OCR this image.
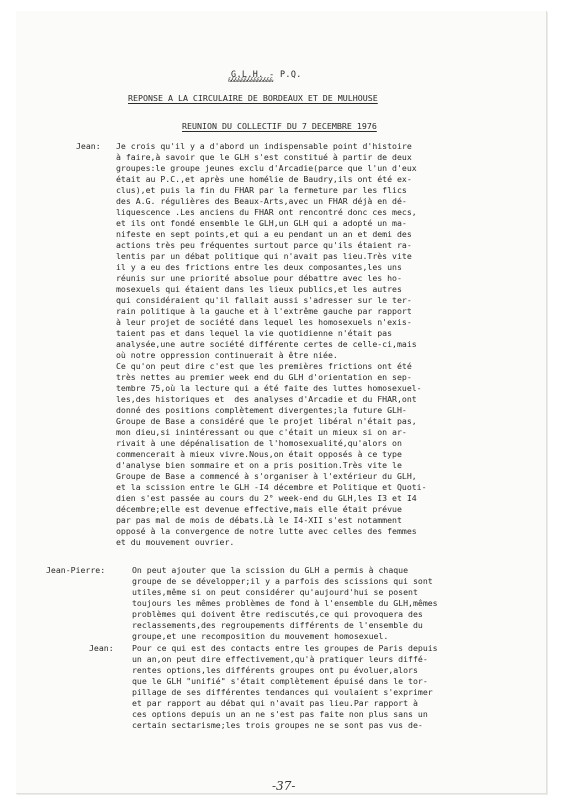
G.L.H. - P.Q.
&&&&&&&&&&&&&&
REPONSE A LA CIRCULAIRE DE BORDEAUX ET DE MULHOUSE
REUNION DU COLLECTIF DU 7 DECEMBRE 1976
Jean: Je crois qu'il y a d'abord un indispensable point d'histoire
à faire,à savoir que le GLH s'est constitué à partir de deux
groupes:le groupe jeunes exclu d'Arcadie(parce que l'un d'eux
était au P.C.,et après une homélie de Baudry,ils ont été ex-
clus),et puis la fin du FHAR par la fermeture par les flics
des A.G. régulières des Beaux-Arts,avec un FHAR déjà en dé-
liquescence .Les anciens du FHAR ont rencontré donc ces mecs,
et ils ont fondé ensemble le GLH,un GLH qui a adopté un ma-
nifeste en sept points,et qui a eu pendant un an et demi des
actions très peu fréquentes surtout parce qu'ils étaient ra-
lentis par un débat politique qui n'avait pas lieu.Très vite
il y a eu des frictions entre les deux composantes,les uns
réunis sur une priorité absolue pour débattre avec les ho-
mosexuels qui étaient dans les lieux publics,et les autres
qui considéraient qu'il fallait aussi s'adresser sur le ter-
rain politique à la gauche et à l'extrême gauche par rapport
à leur projet de société dans lequel les homosexuels n'exis-
taient pas et dans lequel la vie quotidienne n'était pas
analysée,une autre société différente certes de celle-ci,mais
où notre oppression continuerait à être niée.
Ce qu'on peut dire c'est que les premières frictions ont été
très nettes au premier week end du GLH d'orientation en sep-
tembre 75,où la lecture qui a été faite des luttes homosexuel-
les,des historiques et  des analyses d'Arcadie et du FHAR,ont
donné des positions complètement divergentes;la future GLH-
Groupe de Base a considéré que le projet libéral n'était pas,
mon dieu,si inintéressant ou que c'était un mieux si on ar-
rivait à une dépénalisation de l'homosexualité,qu'alors on
commencerait à mieux vivre.Nous,on était opposés à ce type
d'analyse bien sommaire et on a pris position.Très vite le
Groupe de Base a commencé à s'organiser à l'extérieur du GLH,
et la scission entre le GLH -I4 décembre et Politique et Quoti-
dien s'est passée au cours du 2° week-end du GLH,les I3 et I4
décembre;elle est devenue effective,mais elle était prévue
par pas mal de mois de débats.Là le I4-XII s'est notamment
opposé à la convergence de notre lutte avec celles des femmes
et du mouvement ouvrier.
Jean-Pierre:	On peut ajouter que la scission du GLH a permis à chaque
groupe de se développer;il y a parfois des scissions qui sont
utiles,même si on peut considérer qu'aujourd'hui se posent
toujours les mêmes problèmes de fond à l'ensemble du GLH,mêmes
problèmes qui doivent être rediscutés,ce qui provoquera des
reclassements,des regroupements différents de l'ensemble du
groupe,et une recomposition du mouvement homosexuel.
Jean: Pour ce qui est des contacts entre les groupes de Paris depuis
un an,on peut dire effectivement,qu'à pratiquer leurs diffé-
rentes options,les différents groupes ont pu évoluer,alors
que le GLH "unifié" s'était complètement épuisé dans le tor-
pillage de ses différentes tendances qui voulaient s'exprimer
et par rapport au débat qui n'avait pas lieu.Par rapport à
ces options depuis un an ne s'est pas faite non plus sans un
certain sectarisme;les trois groupes ne se sont pas vus de-
-37-
